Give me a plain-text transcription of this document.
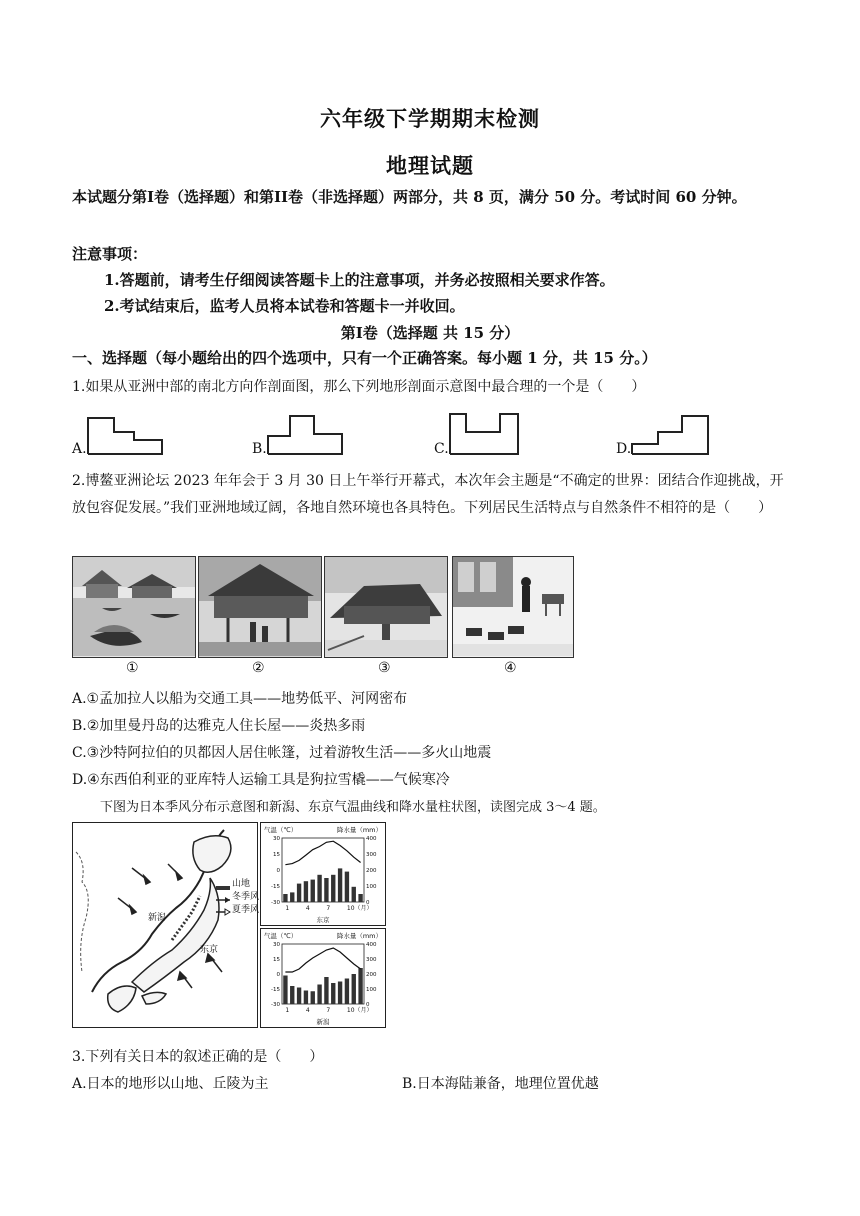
六年级下学期期末检测
地理试题
本试题分第I卷（选择题）和第II卷（非选择题）两部分，共 8 页，满分 50 分。考试时间 60 分钟。
注意事项：
1.答题前，请考生仔细阅读答题卡上的注意事项，并务必按照相关要求作答。
2.考试结束后，监考人员将本试卷和答题卡一并收回。
第I卷（选择题 共 15 分）
一、选择题（每小题给出的四个选项中，只有一个正确答案。每小题 1 分，共 15 分。）
1.如果从亚洲中部的南北方向作剖面图，那么下列地形剖面示意图中最合理的一个是（　　）
A.	B.	C.	D.
2.博鳌亚洲论坛 2023 年年会于 3 月 30 日上午举行开幕式，本次年会主题是“不确定的世界：团结合作迎挑战，开放包容促发展。”我们亚洲地域辽阔，各地自然环境也各具特色。下列居民生活特点与自然条件不相符的是（　　）
①	②	③	④
A.①孟加拉人以船为交通工具——地势低平、河网密布
B.②加里曼丹岛的达雅克人住长屋——炎热多雨
C.③沙特阿拉伯的贝都因人居住帐篷，过着游牧生活——多火山地震
D.④东西伯利亚的亚库特人运输工具是狗拉雪橇——气候寒冷
下图为日本季风分布示意图和新潟、东京气温曲线和降水量柱状图，读图完成 3～4 题。
山地
冬季风
夏季风
新潟
东京
气温（℃）	降水量（mm）
30
15
0
-15
-30
400
300
200
100
0
1	4	7	10（月）
东京
气温（℃）	降水量（mm）
30
15
0
-15
-30
400
300
200
100
0
1	4	7	10（月）
新潟
3.下列有关日本的叙述正确的是（　　）
A.日本的地形以山地、丘陵为主	B.日本海陆兼备，地理位置优越
